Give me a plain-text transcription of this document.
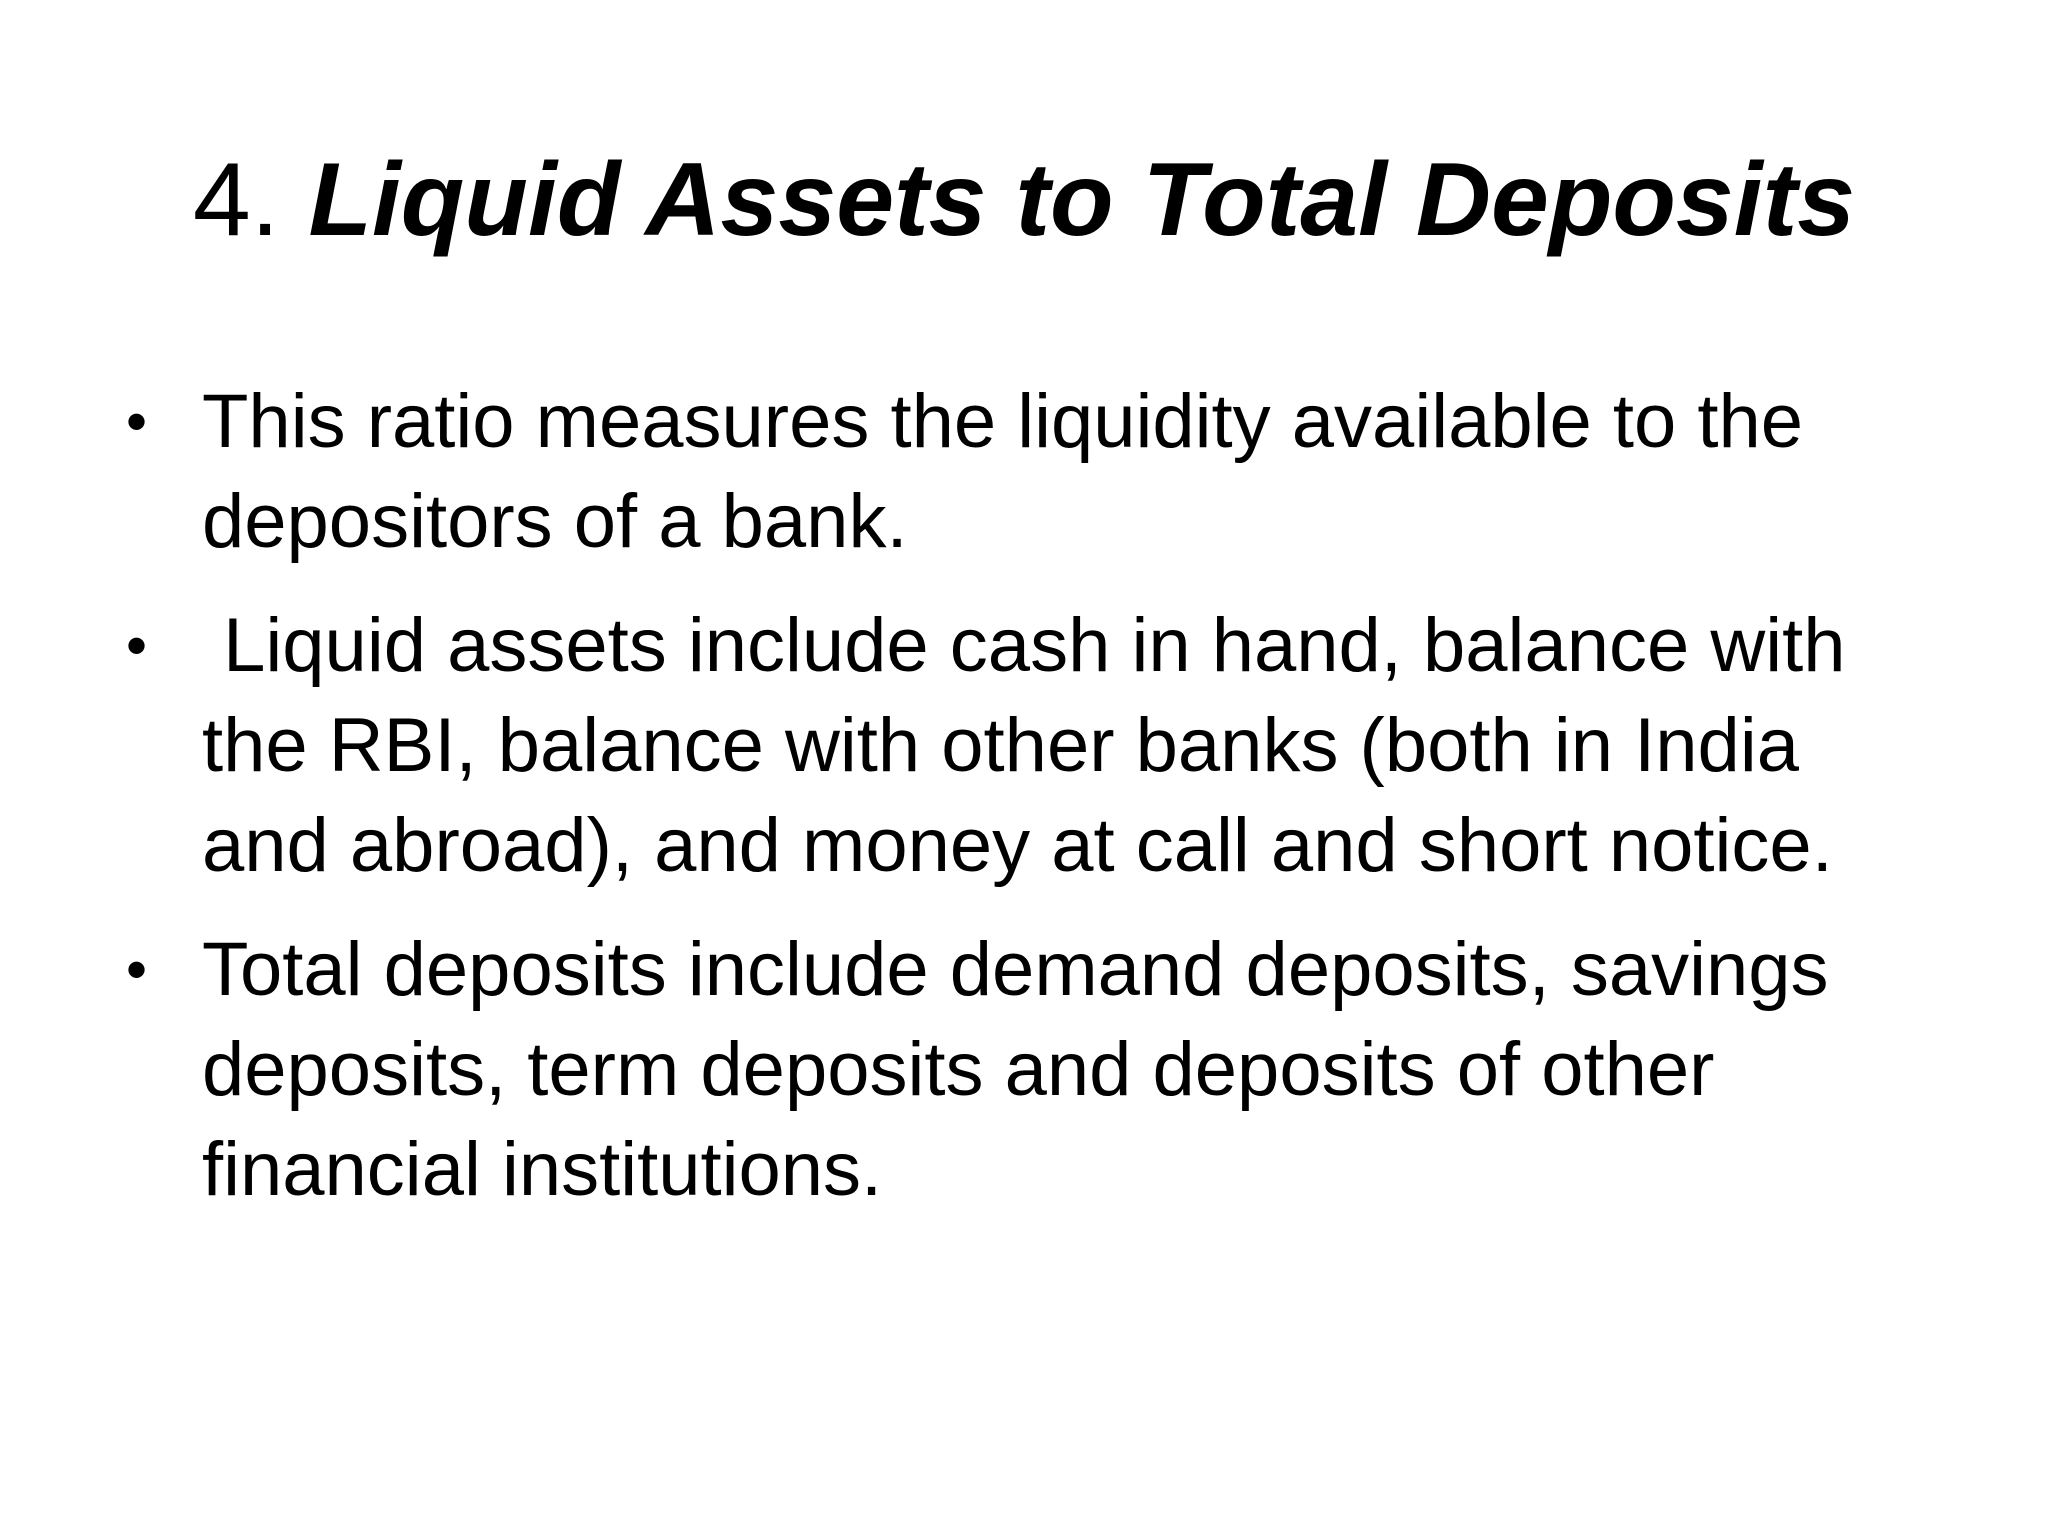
4. Liquid Assets to Total Deposits
• This ratio measures the liquidity available to the depositors of a bank.
• Liquid assets include cash in hand, balance with the RBI, balance with other banks (both in India and abroad), and money at call and short notice.
• Total deposits include demand deposits, savings deposits, term deposits and deposits of other financial institutions.
